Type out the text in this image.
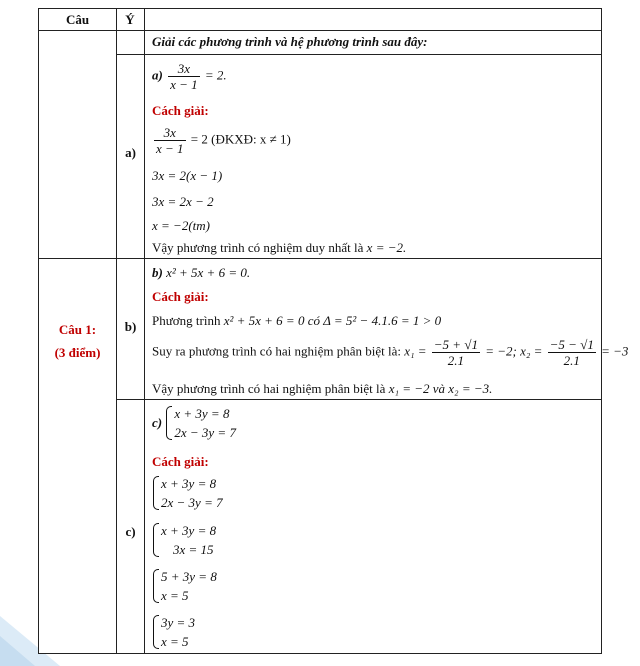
Câu	Ý
Câu 1:
(3 điểm)
a)
b)
c)
Giải các phương trình và hệ phương trình sau đây:
$a) \frac{3x}{x - 1} = 2$.
Cách giải:
$\frac{3x}{x - 1} = 2$ (ĐKXĐ: x ≠ 1)
3x = 2(x − 1)
3x = 2x − 2
x = −2(tm)
Vậy phương trình có nghiệm duy nhất là x = −2.
b) x² + 5x + 6 = 0.
Cách giải:
Phương trình x² + 5x + 6 = 0 có Δ = 5² − 4.1.6 = 1 > 0
Suy ra phương trình có hai nghiệm phân biệt là: $x_1 = \frac{-5 + √1}{2.1} = -2$; $x_2 = \frac{-5 - √1}{2.1} = -3$
Vậy phương trình có hai nghiệm phân biệt là x₁ = −2 và x₂ = −3.
c)
x + 3y = 8
2x − 3y = 7
Cách giải:
x + 3y = 8
2x − 3y = 7
x + 3y = 8
3x = 15
5 + 3y = 8
x = 5
3y = 3
x = 5
